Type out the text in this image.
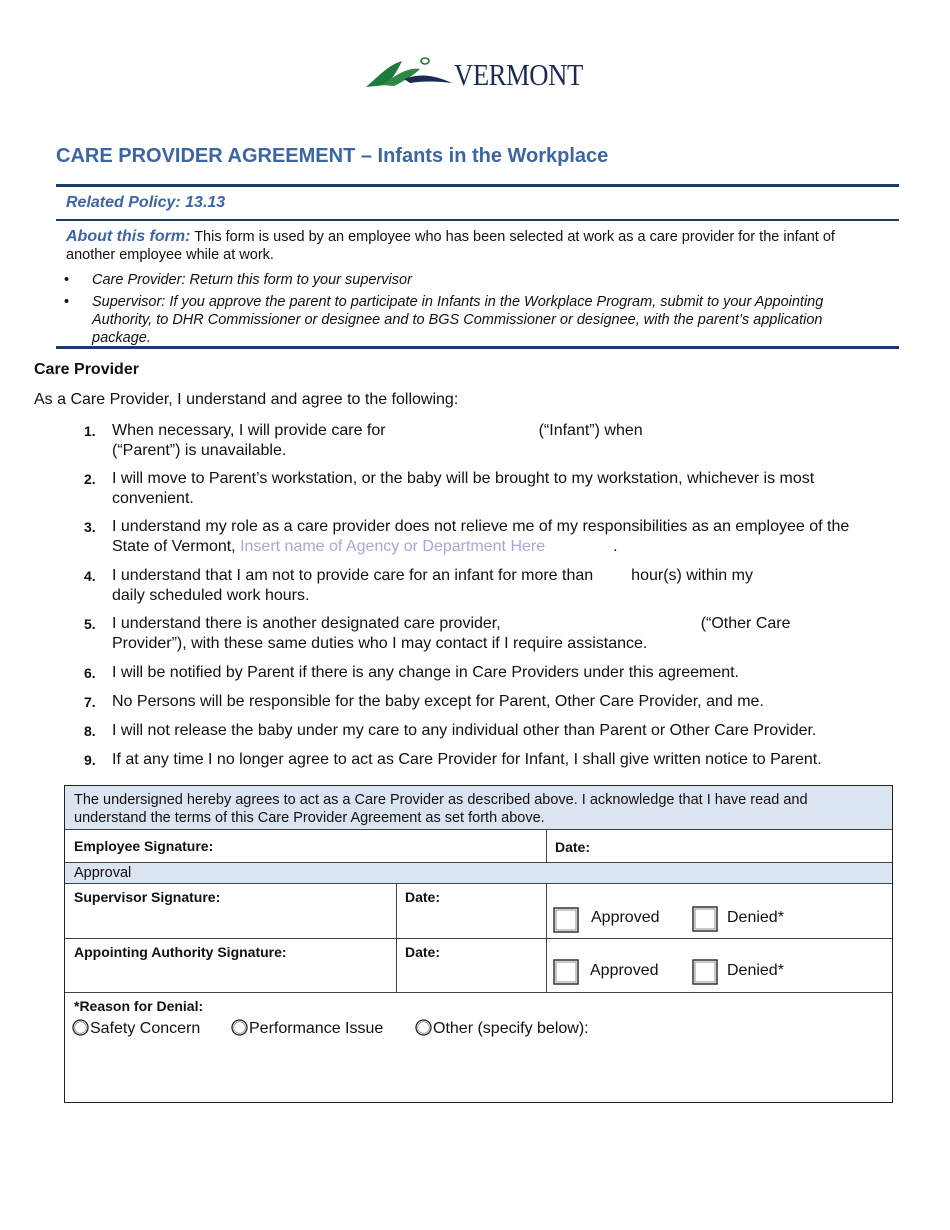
VERMONT
CARE PROVIDER AGREEMENT – Infants in the Workplace
Related Policy: 13.13

About this form: This form is used by an employee who has been selected at work as a care provider for the infant of another employee while at work.

• Care Provider: Return this form to your supervisor
• Supervisor: If you approve the parent to participate in Infants in the Workplace Program, submit to your Appointing Authority, to DHR Commissioner or designee and to BGS Commissioner or designee, with the parent’s application package.
Care Provider
As a Care Provider, I understand and agree to the following:
1. When necessary, I will provide care for	(“Infant”) when
(“Parent”) is unavailable.
2. I will move to Parent’s workstation, or the baby will be brought to my workstation, whichever is most convenient.
3. I understand my role as a care provider does not relieve me of my responsibilities as an employee of the State of Vermont, Insert name of Agency or Department Here	.
4. I understand that I am not to provide care for an infant for more than hour(s) within my
daily scheduled work hours.
5. I understand there is another designated care provider,	(“Other Care
Provider”), with these same duties who I may contact if I require assistance.
6. I will be notified by Parent if there is any change in Care Providers under this agreement.
7. No Persons will be responsible for the baby except for Parent, Other Care Provider, and me.
8. I will not release the baby under my care to any individual other than Parent or Other Care Provider.
9. If at any time I no longer agree to act as Care Provider for Infant, I shall give written notice to Parent.
The undersigned hereby agrees to act as a Care Provider as described above. I acknowledge that I have read and understand the terms of this Care Provider Agreement as set forth above.
Employee Signature:	Date:
Approval
Supervisor Signature:	Date:
Approved	Denied*
Appointing Authority Signature:	Date:
Approved	Denied*
*Reason for Denial:
Safety Concern	Performance Issue	Other (specify below):
